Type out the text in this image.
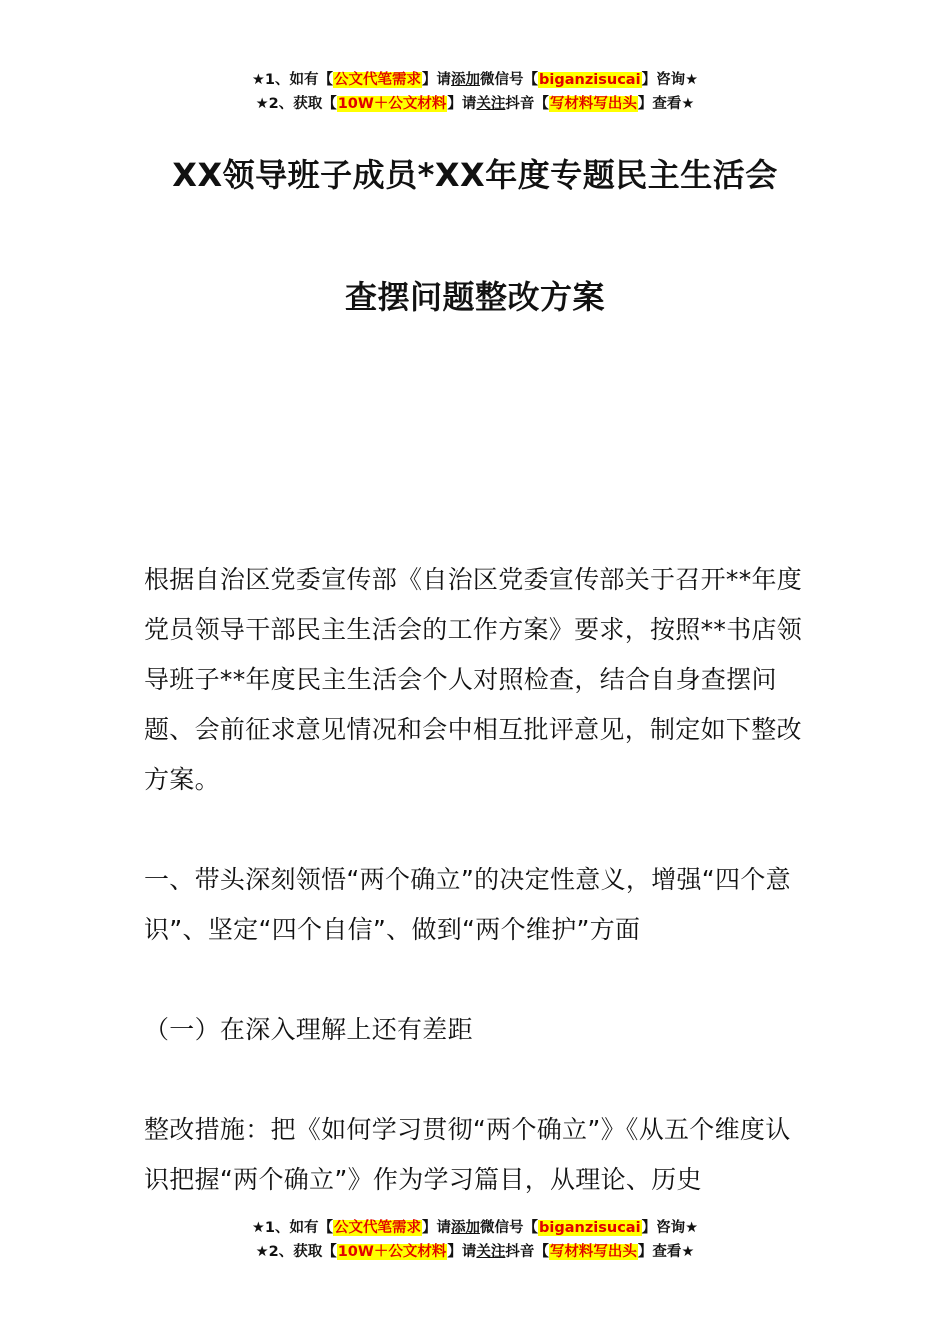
★1、如有【公文代笔需求】请添加微信号【biganzisucai】咨询★
★2、获取【10W＋公文材料】请关注抖音【写材料写出头】查看★
XX领导班子成员*XX年度专题民主生活会
查摆问题整改方案

根据自治区党委宣传部《自治区党委宣传部关于召开**年度党员领导干部民主生活会的工作方案》要求，按照**书店领导班子**年度民主生活会个人对照检查，结合自身查摆问题、会前征求意见情况和会中相互批评意见，制定如下整改方案。

一、带头深刻领悟“两个确立”的决定性意义，增强“四个意识”、坚定“四个自信”、做到“两个维护”方面

（一）在深入理解上还有差距

整改措施：把《如何学习贯彻“两个确立”》《从五个维度认识把握“两个确立”》作为学习篇目，从理论、历史

★1、如有【公文代笔需求】请添加微信号【biganzisucai】咨询★
★2、获取【10W＋公文材料】请关注抖音【写材料写出头】查看★
